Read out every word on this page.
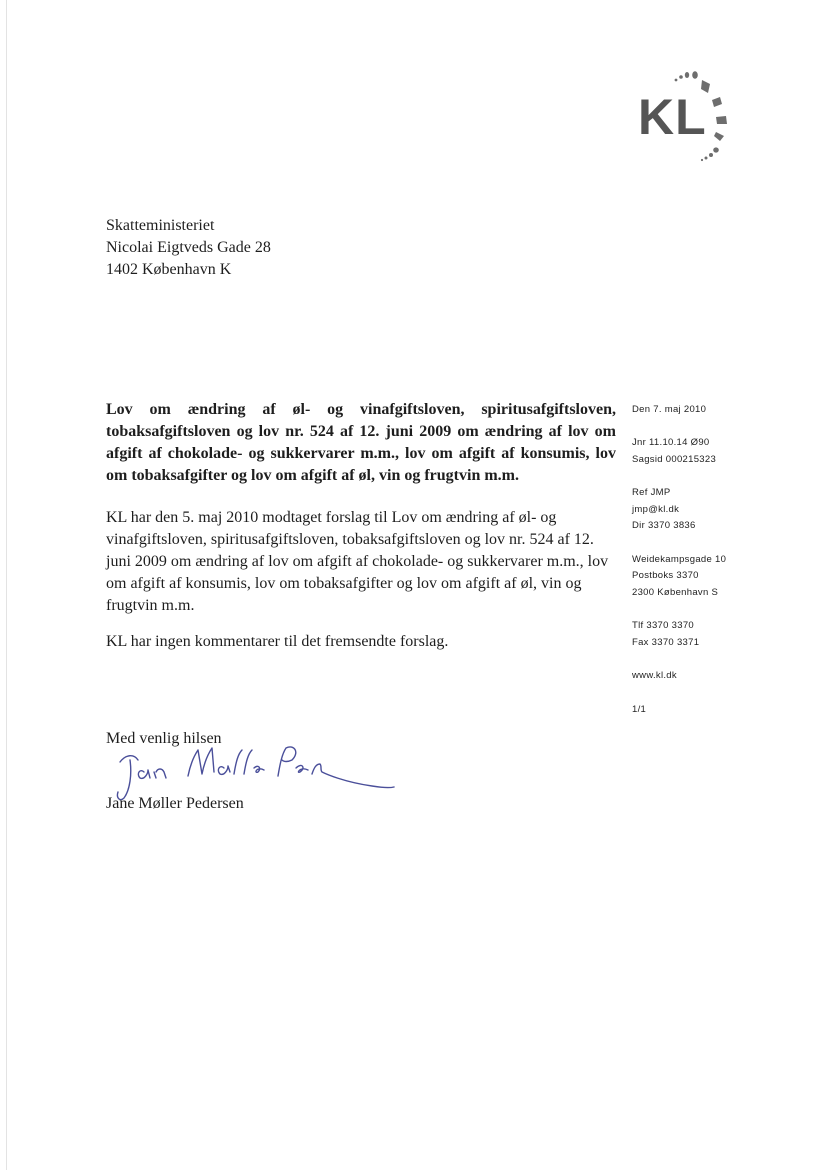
KL
Skatteministeriet
Nicolai Eigtveds Gade 28
1402 København K

Lov om ændring af øl- og vinafgiftsloven, spiritusafgiftsloven, tobaksafgiftsloven og lov nr. 524 af 12. juni 2009 om ændring af lov om afgift af chokolade- og sukkervarer m.m., lov om afgift af konsumis, lov om tobaksafgifter og lov om afgift af øl, vin og frugtvin m.m.

KL har den 5. maj 2010 modtaget forslag til Lov om ændring af øl- og vinafgiftsloven, spiritusafgiftsloven, tobaksafgiftsloven og lov nr. 524 af 12. juni 2009 om ændring af lov om afgift af chokolade- og sukkervarer m.m., lov om afgift af konsumis, lov om tobaksafgifter og lov om afgift af øl, vin og frugtvin m.m.

KL har ingen kommentarer til det fremsendte forslag.

Med venlig hilsen
Jane Møller Pedersen
Den 7. maj 2010
Jnr 11.10.14 Ø90
Sagsid 000215323
Ref JMP
jmp@kl.dk
Dir 3370 3836
Weidekampsgade 10
Postboks 3370
2300 København S
Tlf 3370 3370
Fax 3370 3371
www.kl.dk
1/1
